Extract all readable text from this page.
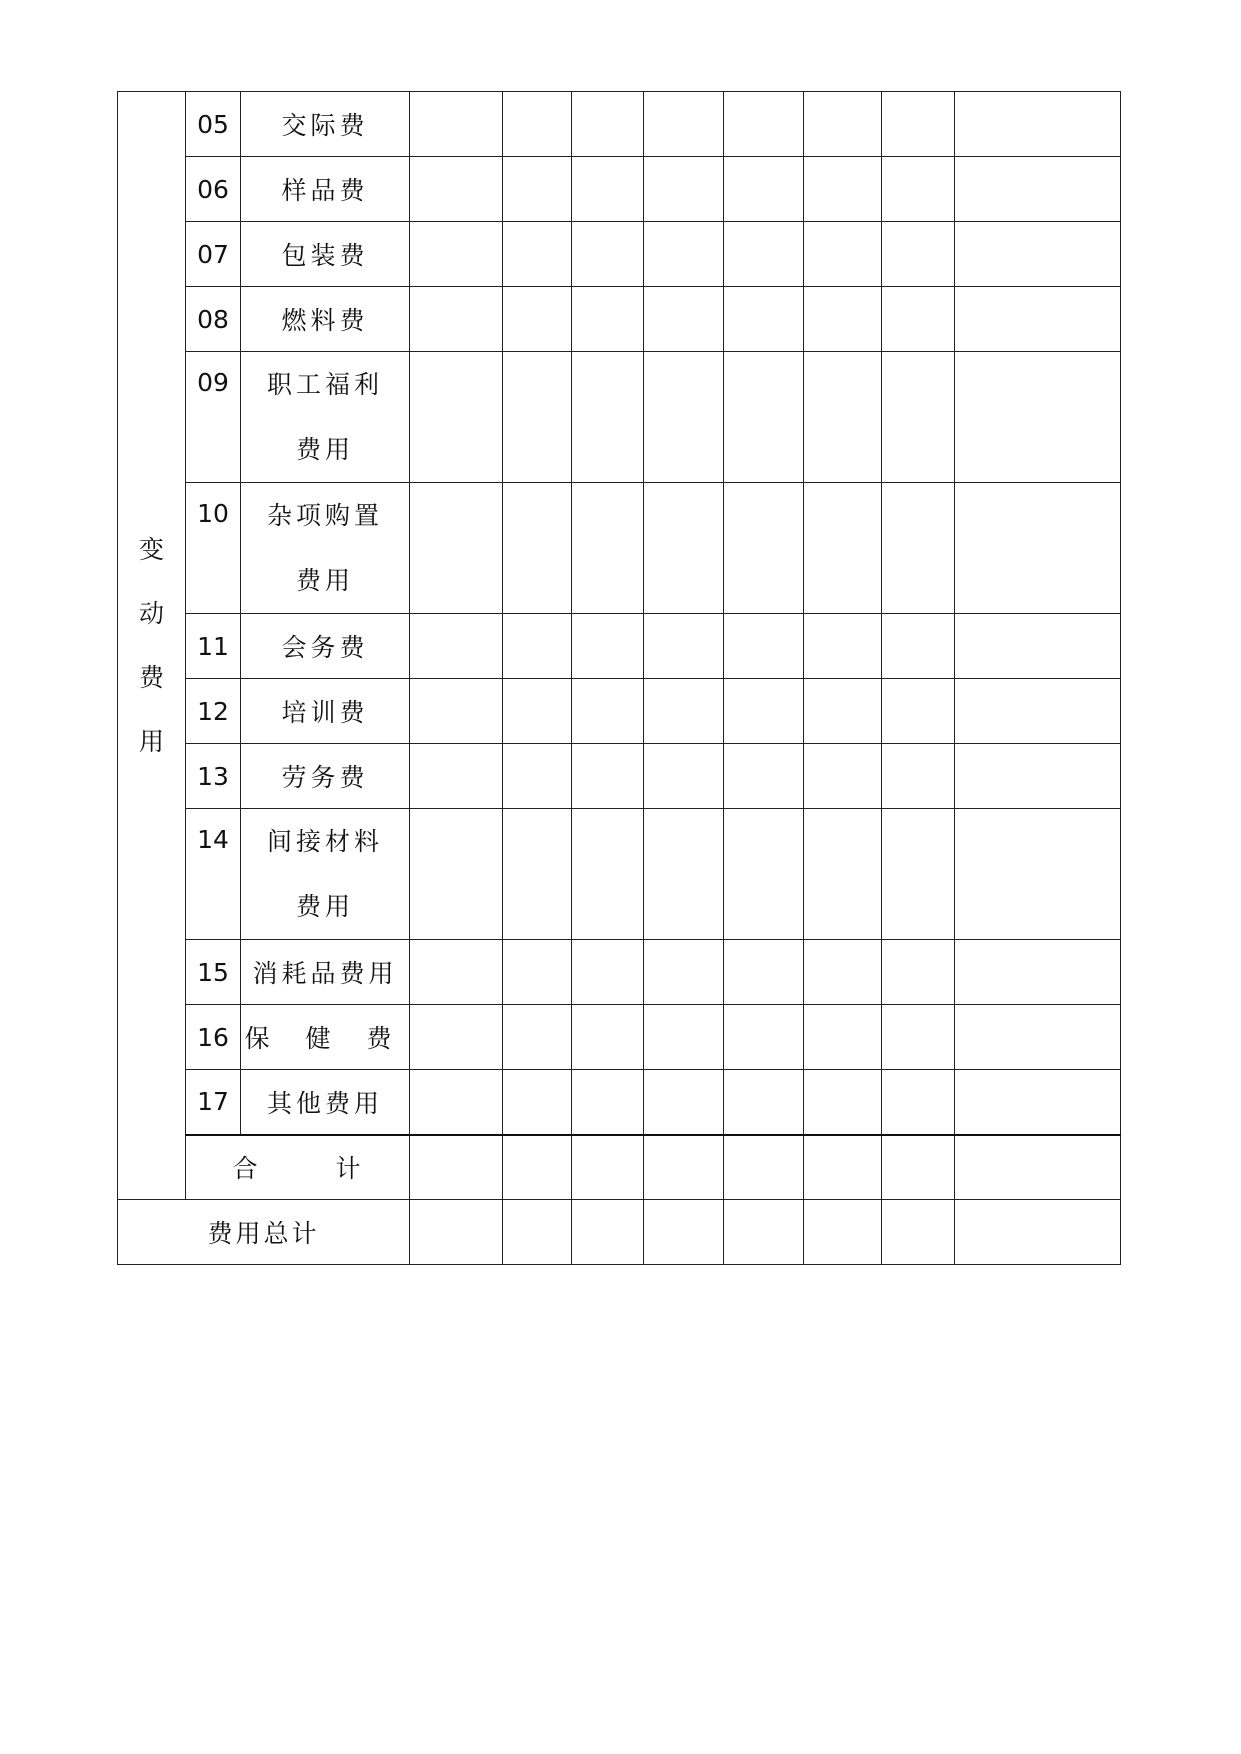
变
动
费
用	05	交际费								
	06	样品费								
	07	包装费								
	08	燃料费								
	09	职工福利
费用								

	10	杂项购置
费用								

	11	会务费								
	12	培训费								
	13	劳务费								
	14	间接材料
费用								

	15	消耗品费用								
	16	保 健 费								
	17	其他费用								
	合 计									
费用总计										
